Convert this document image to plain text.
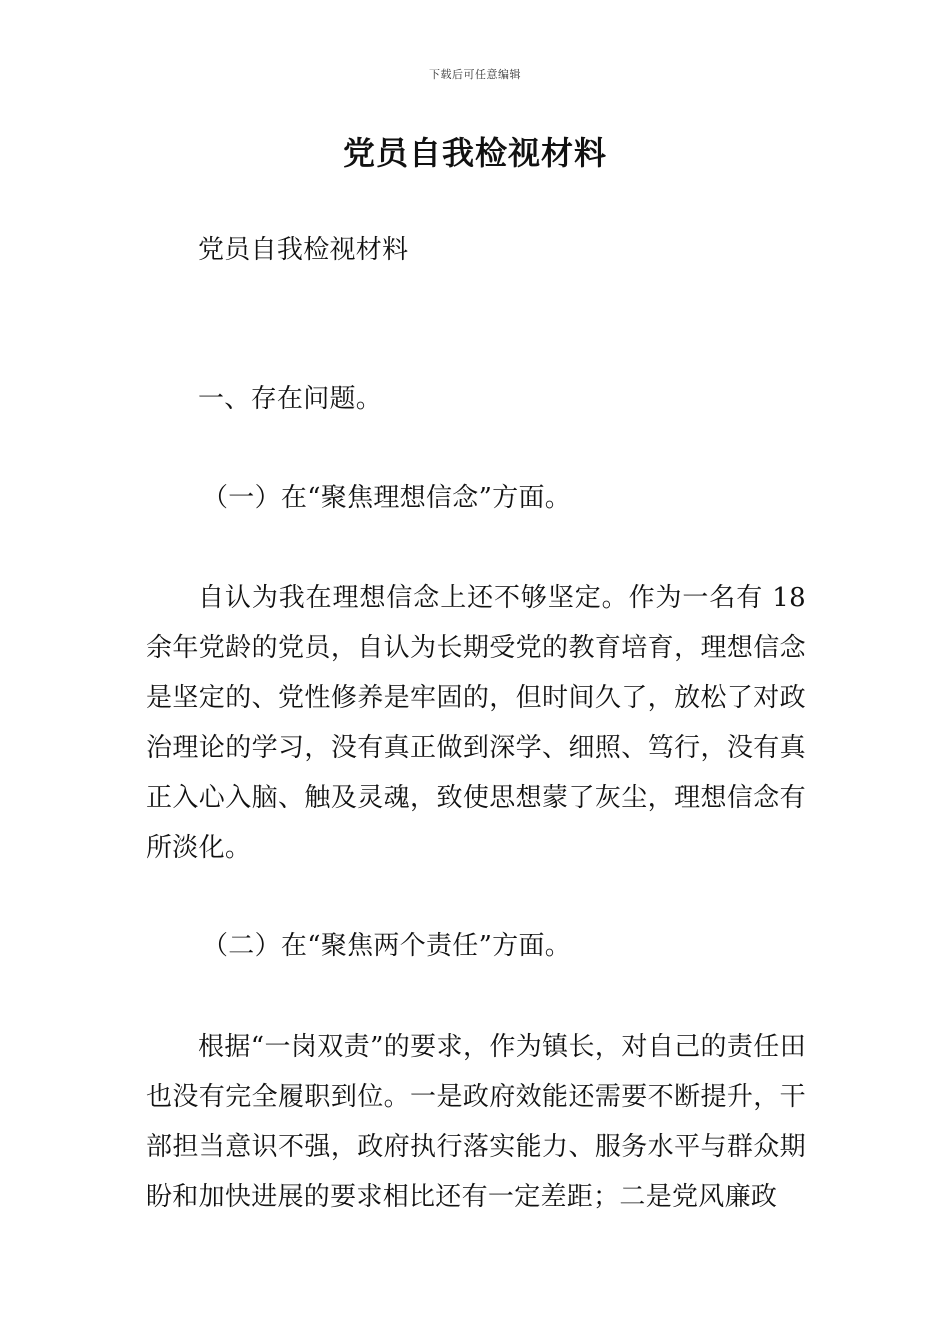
下载后可任意编辑
党员自我检视材料

党员自我检视材料

一、存在问题。

（一）在“聚焦理想信念”方面。

自认为我在理想信念上还不够坚定。作为一名有 18 余年党龄的党员，自认为长期受党的教育培育，理想信念是坚定的、党性修养是牢固的，但时间久了，放松了对政治理论的学习，没有真正做到深学、细照、笃行，没有真正入心入脑、触及灵魂，致使思想蒙了灰尘，理想信念有所淡化。

（二）在“聚焦两个责任”方面。

根据“一岗双责”的要求，作为镇长，对自己的责任田也没有完全履职到位。一是政府效能还需要不断提升，干部担当意识不强，政府执行落实能力、服务水平与群众期盼和加快进展的要求相比还有一定差距；二是党风廉政
